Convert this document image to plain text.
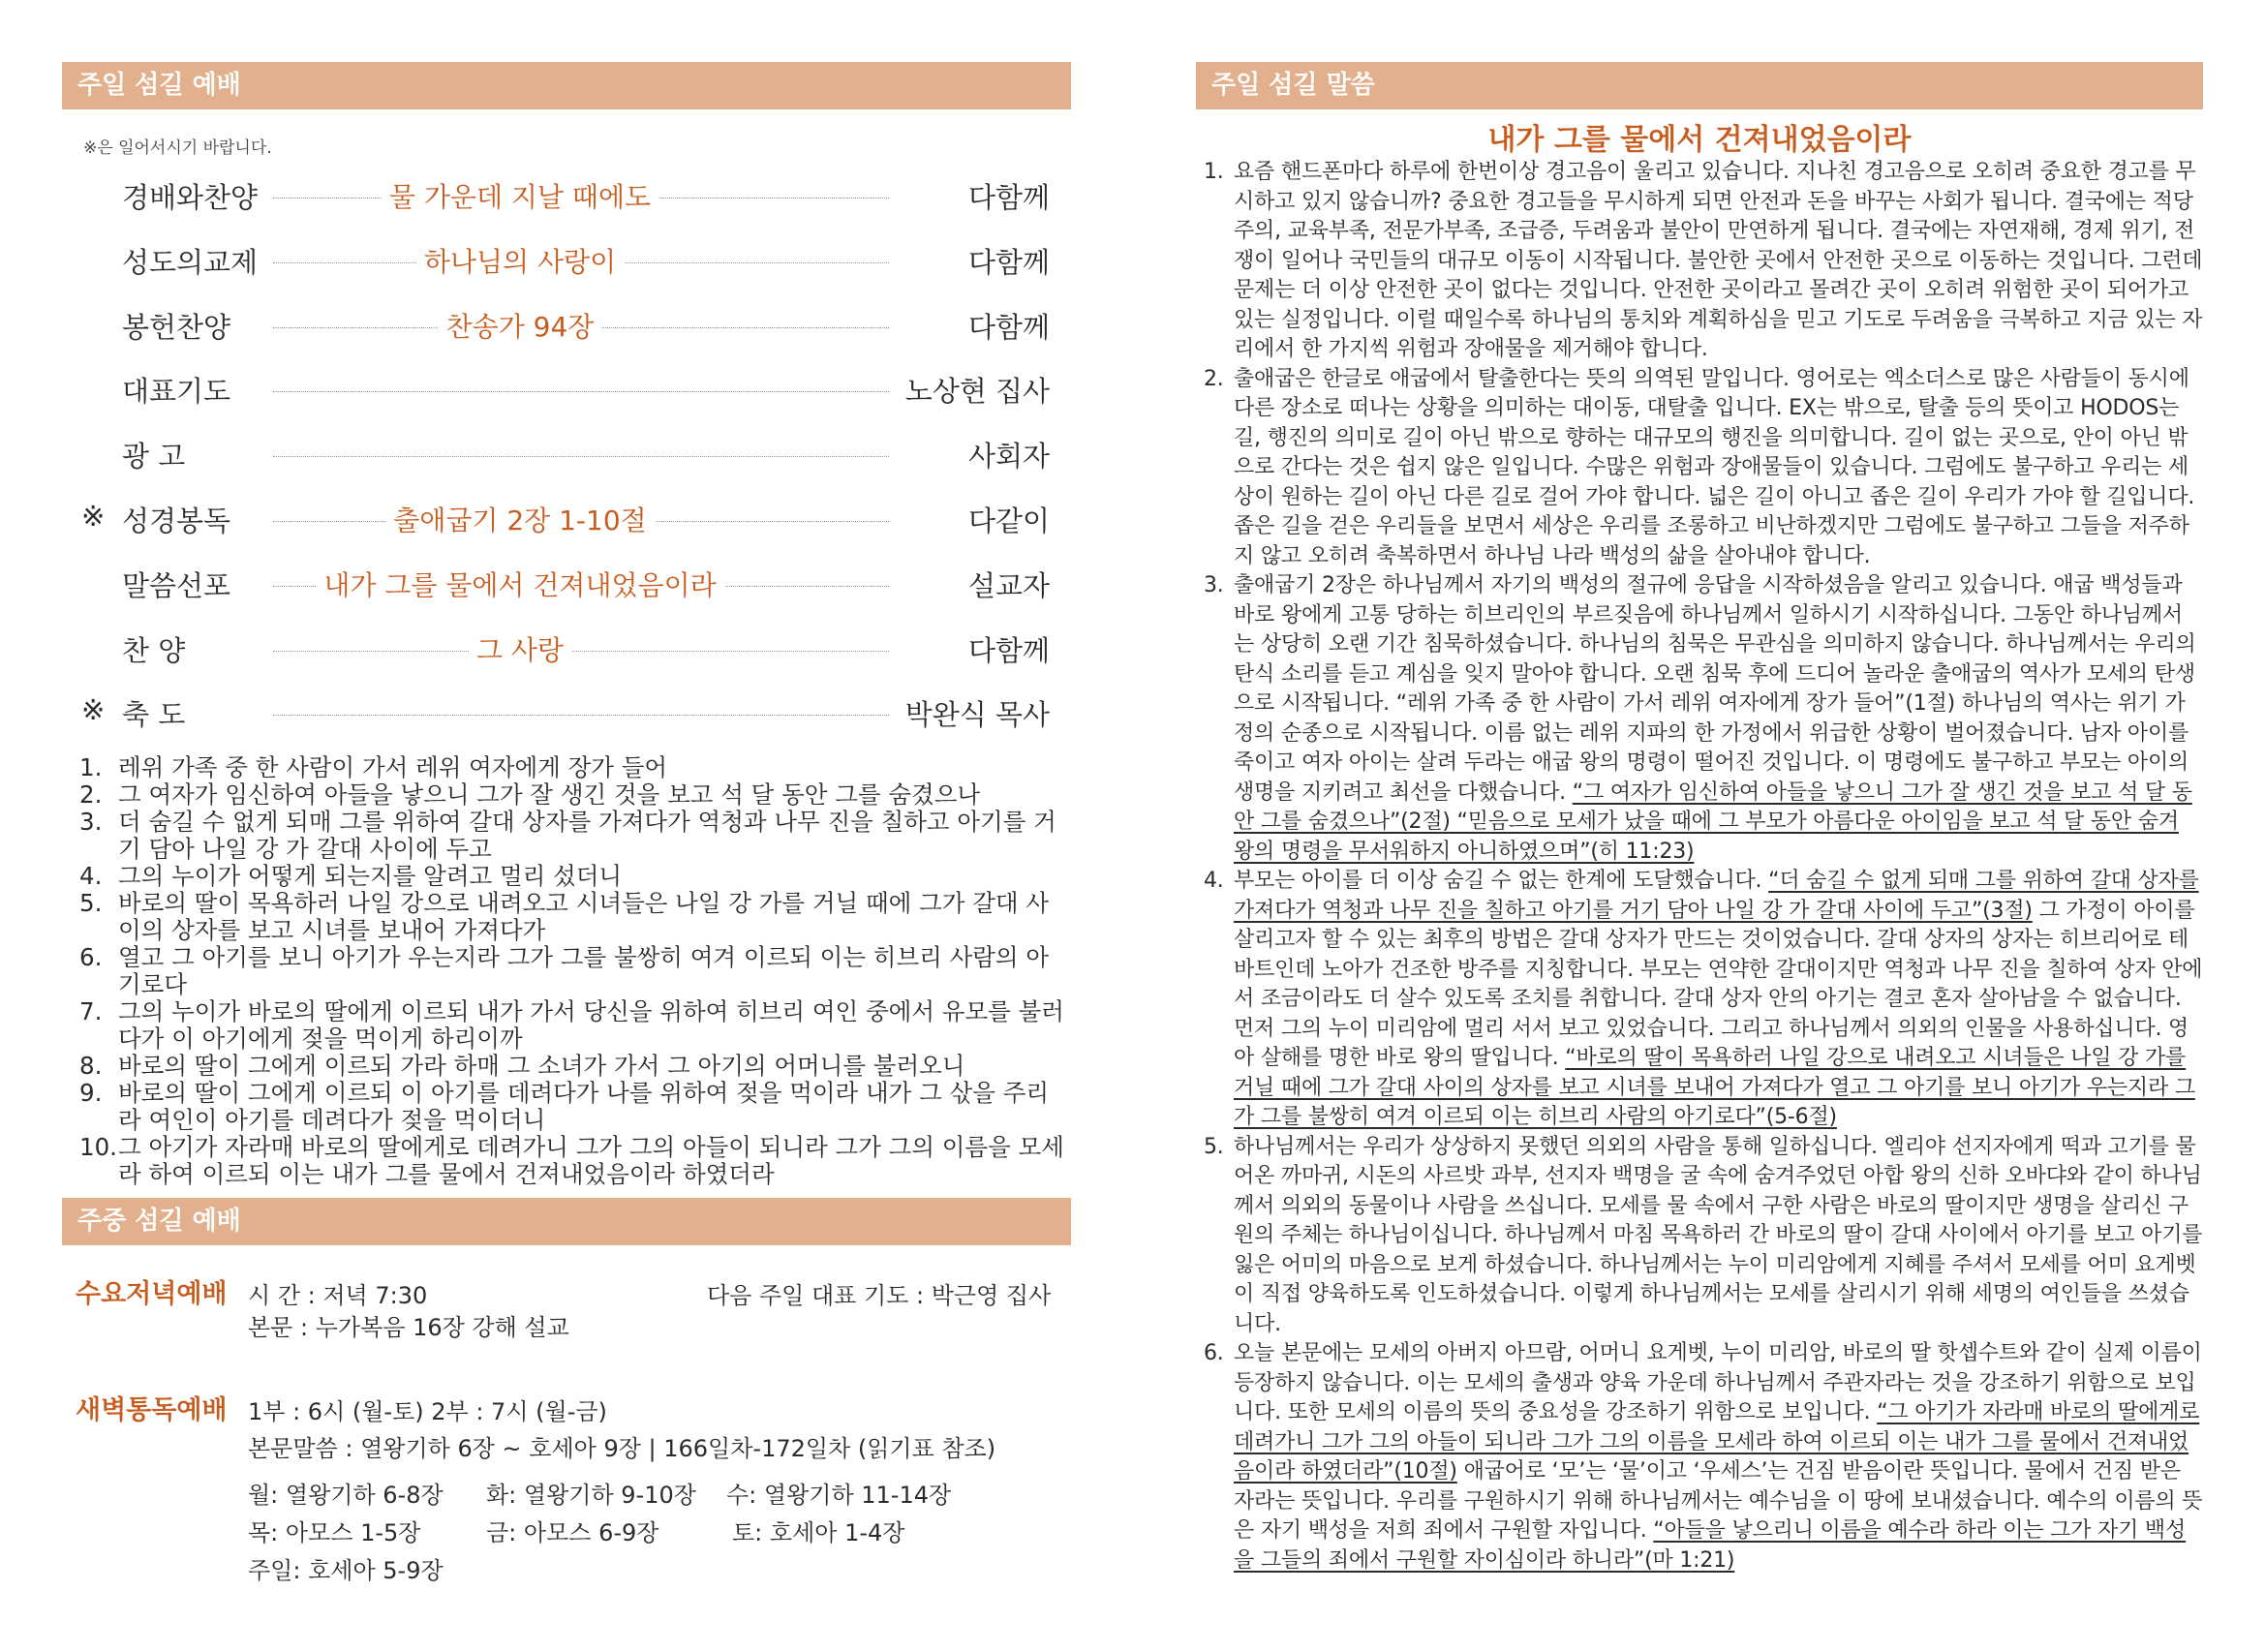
주일 섬길 예배
※은 일어서시기 바랍니다.
경배와찬양	물 가운데 지날 때에도	다함께
성도의교제	하나님의 사랑이	다함께
봉헌찬양	찬송가 94장	다함께
대표기도	노상현 집사
광 고	사회자
※ 성경봉독	출애굽기 2장 1-10절	다같이
말씀선포	내가 그를 물에서 건져내었음이라	설교자
찬 양	그 사랑	다함께
※ 축 도	박완식 목사
1. 레위 가족 중 한 사람이 가서 레위 여자에게 장가 들어
2. 그 여자가 임신하여 아들을 낳으니 그가 잘 생긴 것을 보고 석 달 동안 그를 숨겼으나
3. 더 숨길 수 없게 되매 그를 위하여 갈대 상자를 가져다가 역청과 나무 진을 칠하고 아기를 거기 담아 나일 강 가 갈대 사이에 두고
4. 그의 누이가 어떻게 되는지를 알려고 멀리 섰더니
5. 바로의 딸이 목욕하러 나일 강으로 내려오고 시녀들은 나일 강 가를 거닐 때에 그가 갈대 사이의 상자를 보고 시녀를 보내어 가져다가
6. 열고 그 아기를 보니 아기가 우는지라 그가 그를 불쌍히 여겨 이르되 이는 히브리 사람의 아기로다
7. 그의 누이가 바로의 딸에게 이르되 내가 가서 당신을 위하여 히브리 여인 중에서 유모를 불러다가 이 아기에게 젖을 먹이게 하리이까
8. 바로의 딸이 그에게 이르되 가라 하매 그 소녀가 가서 그 아기의 어머니를 불러오니
9. 바로의 딸이 그에게 이르되 이 아기를 데려다가 나를 위하여 젖을 먹이라 내가 그 삯을 주리라 여인이 아기를 데려다가 젖을 먹이더니
10. 그 아기가 자라매 바로의 딸에게로 데려가니 그가 그의 아들이 되니라 그가 그의 이름을 모세라 하여 이르되 이는 내가 그를 물에서 건져내었음이라 하였더라
주중 섬길 예배
수요저녁예배 시 간 : 저녁 7:30	다음 주일 대표 기도 : 박근영 집사
본문 : 누가복음 16장 강해 설교
새벽통독예배 1부 : 6시 (월-토) 2부 : 7시 (월-금)
본문말씀 : 열왕기하 6장 ~ 호세아 9장 | 166일차-172일차 (읽기표 참조)
월: 열왕기하 6-8장 화: 열왕기하 9-10장 수: 열왕기하 11-14장
목: 아모스 1-5장	금: 아모스 6-9장	토: 호세아 1-4장
주일: 호세아 5-9장
주일 섬길 말씀
내가 그를 물에서 건져내었음이라
1. 요즘 핸드폰마다 하루에 한번이상 경고음이 울리고 있습니다. 지나친 경고음으로 오히려 중요한 경고를 무시하고 있지 않습니까? 중요한 경고들을 무시하게 되면 안전과 돈을 바꾸는 사회가 됩니다. 결국에는 적당주의, 교육부족, 전문가부족, 조급증, 두려움과 불안이 만연하게 됩니다. 결국에는 자연재해, 경제 위기, 전쟁이 일어나 국민들의 대규모 이동이 시작됩니다. 불안한 곳에서 안전한 곳으로 이동하는 것입니다. 그런데 문제는 더 이상 안전한 곳이 없다는 것입니다. 안전한 곳이라고 몰려간 곳이 오히려 위험한 곳이 되어가고 있는 실정입니다. 이럴 때일수록 하나님의 통치와 계획하심을 믿고 기도로 두려움을 극복하고 지금 있는 자리에서 한 가지씩 위험과 장애물을 제거해야 합니다.
2. 출애굽은 한글로 애굽에서 탈출한다는 뜻의 의역된 말입니다. 영어로는 엑소더스로 많은 사람들이 동시에 다른 장소로 떠나는 상황을 의미하는 대이동, 대탈출 입니다. EX는 밖으로, 탈출 등의 뜻이고 HODOS는 길, 행진의 의미로 길이 아닌 밖으로 향하는 대규모의 행진을 의미합니다. 길이 없는 곳으로, 안이 아닌 밖으로 간다는 것은 쉽지 않은 일입니다. 수많은 위험과 장애물들이 있습니다. 그럼에도 불구하고 우리는 세상이 원하는 길이 아닌 다른 길로 걸어 가야 합니다. 넓은 길이 아니고 좁은 길이 우리가 가야 할 길입니다. 좁은 길을 걷은 우리들을 보면서 세상은 우리를 조롱하고 비난하겠지만 그럼에도 불구하고 그들을 저주하지 않고 오히려 축복하면서 하나님 나라 백성의 삶을 살아내야 합니다.
3. 출애굽기 2장은 하나님께서 자기의 백성의 절규에 응답을 시작하셨음을 알리고 있습니다. 애굽 백성들과 바로 왕에게 고통 당하는 히브리인의 부르짖음에 하나님께서 일하시기 시작하십니다. 그동안 하나님께서는 상당히 오랜 기간 침묵하셨습니다. 하나님의 침묵은 무관심을 의미하지 않습니다. 하나님께서는 우리의 탄식 소리를 듣고 계심을 잊지 말아야 합니다. 오랜 침묵 후에 드디어 놀라운 출애굽의 역사가 모세의 탄생으로 시작됩니다. “레위 가족 중 한 사람이 가서 레위 여자에게 장가 들어”(1절) 하나님의 역사는 위기 가정의 순종으로 시작됩니다. 이름 없는 레위 지파의 한 가정에서 위급한 상황이 벌어졌습니다. 남자 아이를 죽이고 여자 아이는 살려 두라는 애굽 왕의 명령이 떨어진 것입니다. 이 명령에도 불구하고 부모는 아이의 생명을 지키려고 최선을 다했습니다. “그 여자가 임신하여 아들을 낳으니 그가 잘 생긴 것을 보고 석 달 동안 그를 숨겼으나”(2절) “믿음으로 모세가 났을 때에 그 부모가 아름다운 아이임을 보고 석 달 동안 숨겨 왕의 명령을 무서워하지 아니하였으며”(히 11:23)
4. 부모는 아이를 더 이상 숨길 수 없는 한계에 도달했습니다. “더 숨길 수 없게 되매 그를 위하여 갈대 상자를 가져다가 역청과 나무 진을 칠하고 아기를 거기 담아 나일 강 가 갈대 사이에 두고”(3절) 그 가정이 아이를 살리고자 할 수 있는 최후의 방법은 갈대 상자가 만드는 것이었습니다. 갈대 상자의 상자는 히브리어로 테바트인데 노아가 건조한 방주를 지칭합니다. 부모는 연약한 갈대이지만 역청과 나무 진을 칠하여 상자 안에서 조금이라도 더 살수 있도록 조치를 취합니다. 갈대 상자 안의 아기는 결코 혼자 살아남을 수 없습니다. 먼저 그의 누이 미리암에 멀리 서서 보고 있었습니다. 그리고 하나님께서 의외의 인물을 사용하십니다. 영아 살해를 명한 바로 왕의 딸입니다. “바로의 딸이 목욕하러 나일 강으로 내려오고 시녀들은 나일 강 가를 거닐 때에 그가 갈대 사이의 상자를 보고 시녀를 보내어 가져다가 열고 그 아기를 보니 아기가 우는지라 그가 그를 불쌍히 여겨 이르되 이는 히브리 사람의 아기로다”(5-6절)
5. 하나님께서는 우리가 상상하지 못했던 의외의 사람을 통해 일하십니다. 엘리야 선지자에게 떡과 고기를 물어온 까마귀, 시돈의 사르밧 과부, 선지자 백명을 굴 속에 숨겨주었던 아합 왕의 신하 오바댜와 같이 하나님께서 의외의 동물이나 사람을 쓰십니다. 모세를 물 속에서 구한 사람은 바로의 딸이지만 생명을 살리신 구원의 주체는 하나님이십니다. 하나님께서 마침 목욕하러 간 바로의 딸이 갈대 사이에서 아기를 보고 아기를 잃은 어미의 마음으로 보게 하셨습니다. 하나님께서는 누이 미리암에게 지혜를 주셔서 모세를 어미 요게벳이 직접 양육하도록 인도하셨습니다. 이렇게 하나님께서는 모세를 살리시기 위해 세명의 여인들을 쓰셨습니다.
6. 오늘 본문에는 모세의 아버지 아므람, 어머니 요게벳, 누이 미리암, 바로의 딸 핫셉수트와 같이 실제 이름이 등장하지 않습니다. 이는 모세의 출생과 양육 가운데 하나님께서 주관자라는 것을 강조하기 위함으로 보입니다. 또한 모세의 이름의 뜻의 중요성을 강조하기 위함으로 보입니다. “그 아기가 자라매 바로의 딸에게로 데려가니 그가 그의 아들이 되니라 그가 그의 이름을 모세라 하여 이르되 이는 내가 그를 물에서 건져내었음이라 하였더라”(10절) 애굽어로 ‘모’는 ‘물’이고 ‘우세스’는 건짐 받음이란 뜻입니다. 물에서 건짐 받은 자라는 뜻입니다. 우리를 구원하시기 위해 하나님께서는 예수님을 이 땅에 보내셨습니다. 예수의 이름의 뜻은 자기 백성을 저희 죄에서 구원할 자입니다. “아들을 낳으리니 이름을 예수라 하라 이는 그가 자기 백성을 그들의 죄에서 구원할 자이심이라 하니라”(마 1:21)
